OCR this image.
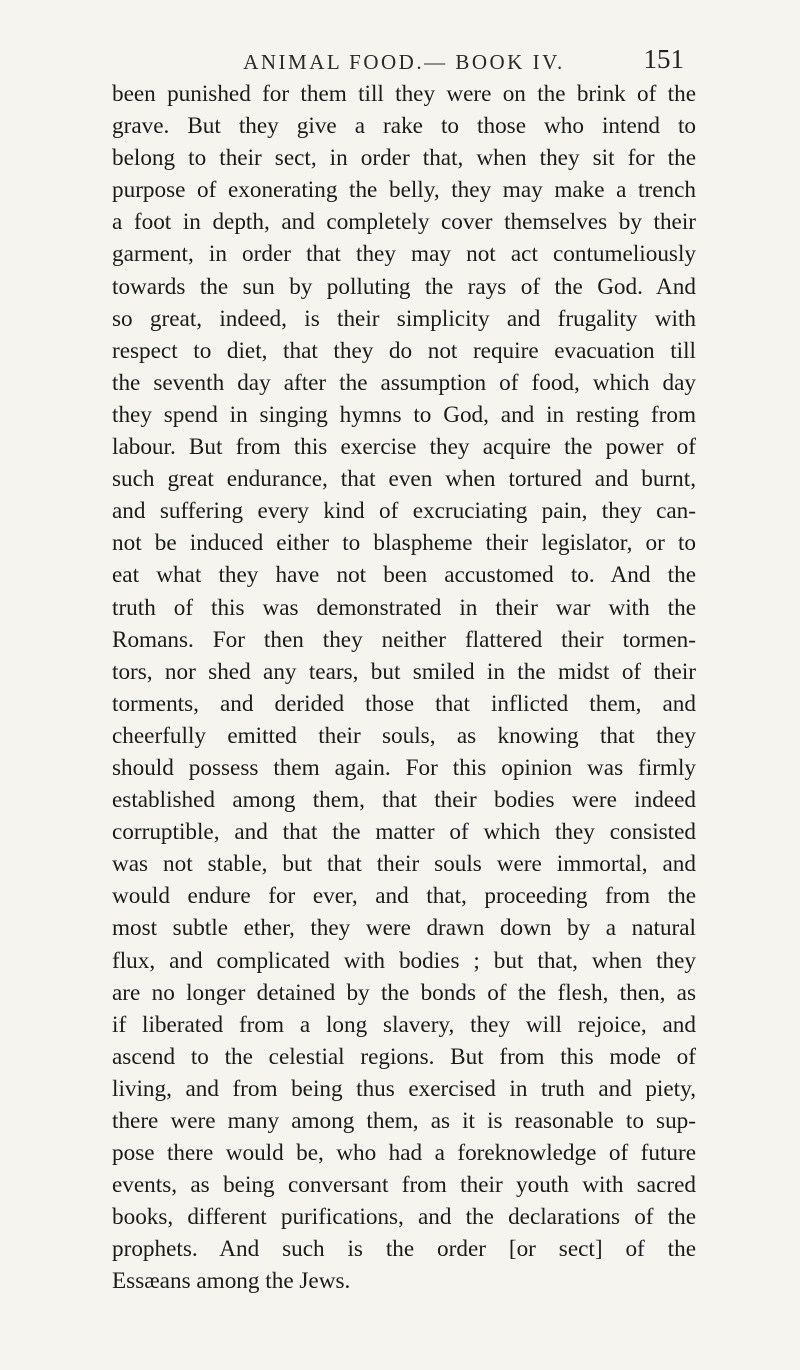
ANIMAL FOOD.— BOOK IV.	151
been punished for them till they were on the brink of the
grave. But they give a rake to those who intend to
belong to their sect, in order that, when they sit for the
purpose of exonerating the belly, they may make a trench
a foot in depth, and completely cover themselves by their
garment, in order that they may not act contumeliously
towards the sun by polluting the rays of the God. And
so great, indeed, is their simplicity and frugality with
respect to diet, that they do not require evacuation till
the seventh day after the assumption of food, which day
they spend in singing hymns to God, and in resting from
labour. But from this exercise they acquire the power of
such great endurance, that even when tortured and burnt,
and suffering every kind of excruciating pain, they can-
not be induced either to blaspheme their legislator, or to
eat what they have not been accustomed to. And the
truth of this was demonstrated in their war with the
Romans. For then they neither flattered their tormen-
tors, nor shed any tears, but smiled in the midst of their
torments, and derided those that inflicted them, and
cheerfully emitted their souls, as knowing that they
should possess them again. For this opinion was firmly
established among them, that their bodies were indeed
corruptible, and that the matter of which they consisted
was not stable, but that their souls were immortal, and
would endure for ever, and that, proceeding from the
most subtle ether, they were drawn down by a natural
flux, and complicated with bodies ; but that, when they
are no longer detained by the bonds of the flesh, then, as
if liberated from a long slavery, they will rejoice, and
ascend to the celestial regions. But from this mode of
living, and from being thus exercised in truth and piety,
there were many among them, as it is reasonable to sup-
pose there would be, who had a foreknowledge of future
events, as being conversant from their youth with sacred
books, different purifications, and the declarations of the
prophets. And such is the order [or sect] of the
Essæans among the Jews.
